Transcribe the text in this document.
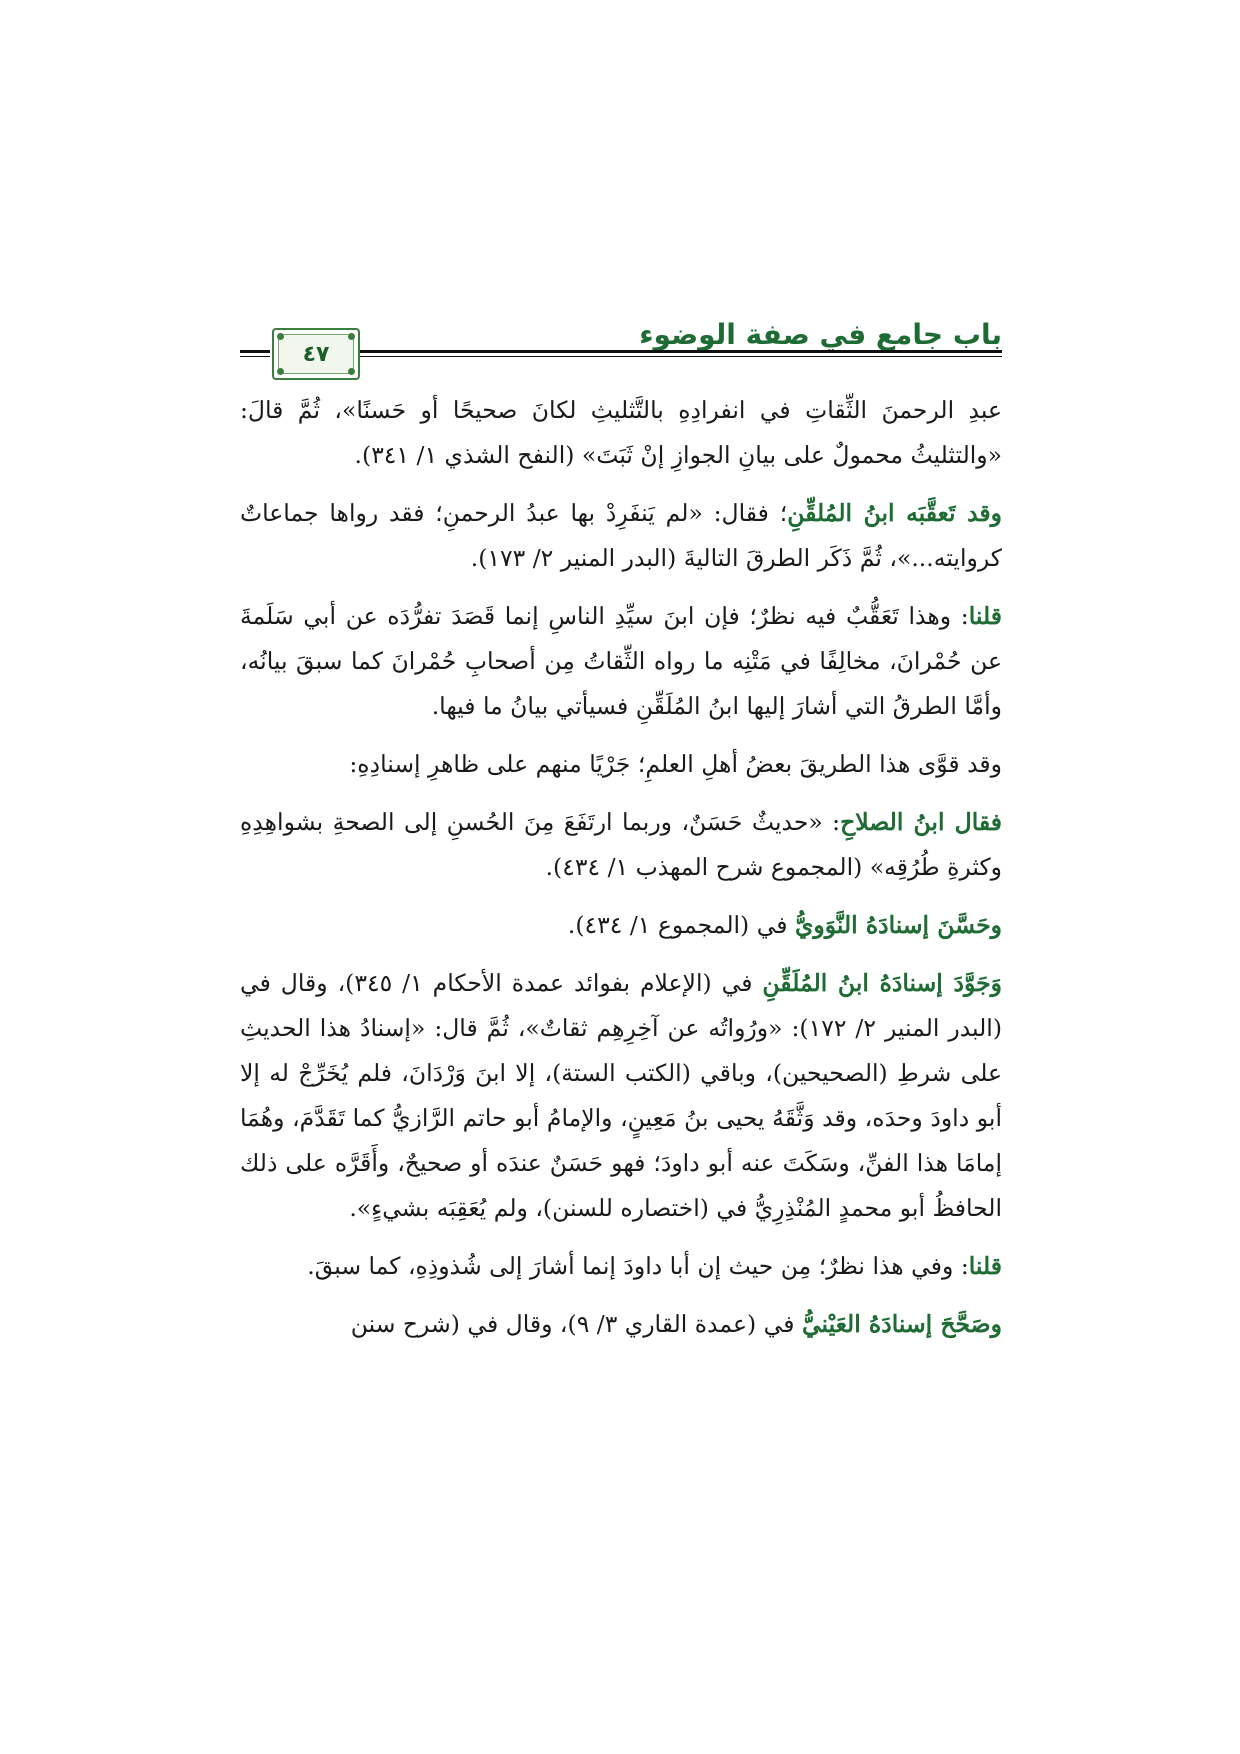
باب جامع في صفة الوضوء
٤٧

عبدِ الرحمنَ الثِّقاتِ في انفرادِهِ بالتَّثليثِ لكانَ صحيحًا أو حَسنًا»، ثُمَّ قالَ: «والتثليثُ محمولٌ على بيانِ الجوازِ إنْ ثَبَتَ» (النفح الشذي ١/ ٣٤١).

وقد تَعقَّبَه ابنُ المُلقِّنِ؛ فقال: «لم يَنفَرِدْ بها عبدُ الرحمنِ؛ فقد رواها جماعاتٌ كروايته...»، ثُمَّ ذَكَر الطرقَ التاليةَ (البدر المنير ٢/ ١٧٣).

قلنا: وهذا تَعَقُّبٌ فيه نظرٌ؛ فإن ابنَ سيِّدِ الناسِ إنما قَصَدَ تفرُّدَه عن أبي سَلَمةَ عن حُمْرانَ، مخالِفًا في مَتْنِه ما رواه الثِّقاتُ مِن أصحابِ حُمْرانَ كما سبقَ بيانُه، وأمَّا الطرقُ التي أشارَ إليها ابنُ المُلَقِّنِ فسيأتي بيانُ ما فيها.

وقد قوَّى هذا الطريقَ بعضُ أهلِ العلمِ؛ جَرْيًا منهم على ظاهرِ إسنادِهِ:

فقال ابنُ الصلاحِ: «حديثٌ حَسَنٌ، وربما ارتَفَعَ مِنَ الحُسنِ إلى الصحةِ بشواهِدِهِ وكثرةِ طُرُقِه» (المجموع شرح المهذب ١/ ٤٣٤).

وحَسَّنَ إسنادَهُ النَّوَويُّ في (المجموع ١/ ٤٣٤).

وَجَوَّدَ إسنادَهُ ابنُ المُلَقِّنِ في (الإعلام بفوائد عمدة الأحكام ١/ ٣٤٥)، وقال في (البدر المنير ٢/ ١٧٢): «ورُواتُه عن آخِرِهِم ثقاتٌ»، ثُمَّ قال: «إسنادُ هذا الحديثِ على شرطِ (الصحيحين)، وباقي (الكتب الستة)، إلا ابنَ وَرْدَانَ، فلم يُخَرِّجْ له إلا أبو داودَ وحدَه، وقد وَثَّقَهُ يحيى بنُ مَعِينٍ، والإمامُ أبو حاتم الرَّازيُّ كما تَقَدَّمَ، وهُمَا إمامَا هذا الفنِّ، وسَكَتَ عنه أبو داودَ؛ فهو حَسَنٌ عندَه أو صحيحٌ، وأَقَرَّه على ذلك الحافظُ أبو محمدٍ المُنْذِرِيُّ في (اختصاره للسنن)، ولم يُعَقِبَه بشيءٍ».

قلنا: وفي هذا نظرٌ؛ مِن حيث إن أبا داودَ إنما أشارَ إلى شُذوذِهِ، كما سبقَ.

وصَحَّحَ إسنادَهُ العَيْنيُّ في (عمدة القاري ٣/ ٩)، وقال في (شرح سنن
